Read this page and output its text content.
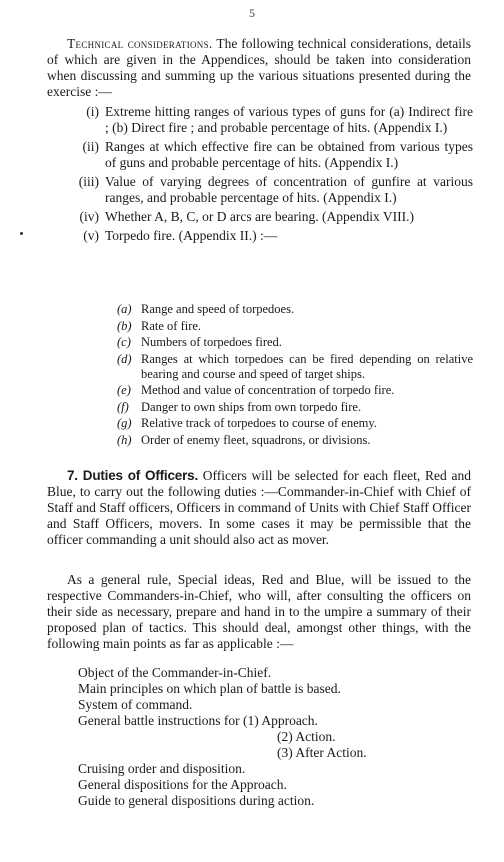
5

Technical considerations. The following technical considerations, details of which are given in the Appendices, should be taken into consideration when discussing and summing up the various situations presented during the exercise :—

(i) Extreme hitting ranges of various types of guns for (a) Indirect fire ; (b) Direct fire ; and probable percentage of hits. (Appendix I.)
(ii) Ranges at which effective fire can be obtained from various types of guns and probable percentage of hits. (Appendix I.)
(iii) Value of varying degrees of concentration of gunfire at various ranges, and probable percentage of hits. (Appendix I.)
(iv) Whether A, B, C, or D arcs are bearing. (Appendix VIII.)
(v) Torpedo fire. (Appendix II.) :—
(a) Range and speed of torpedoes.
(b) Rate of fire.
(c) Numbers of torpedoes fired.
(d) Ranges at which torpedoes can be fired depending on relative bearing and course and speed of target ships.
(e) Method and value of concentration of torpedo fire.
(f) Danger to own ships from own torpedo fire.
(g) Relative track of torpedoes to course of enemy.
(h) Order of enemy fleet, squadrons, or divisions.

7. Duties of Officers. Officers will be selected for each fleet, Red and Blue, to carry out the following duties :—Commander-in-Chief with Chief of Staff and Staff officers, Officers in command of Units with Chief Staff Officer and Staff Officers, movers. In some cases it may be permissible that the officer commanding a unit should also act as mover.

As a general rule, Special ideas, Red and Blue, will be issued to the respective Commanders-in-Chief, who will, after consulting the officers on their side as necessary, prepare and hand in to the umpire a summary of their proposed plan of tactics. This should deal, amongst other things, with the following main points as far as applicable :—

Object of the Commander-in-Chief.
Main principles on which plan of battle is based.
System of command.
General battle instructions for (1) Approach.
(2) Action.
(3) After Action.
Cruising order and disposition.
General dispositions for the Approach.
Guide to general dispositions during action.
